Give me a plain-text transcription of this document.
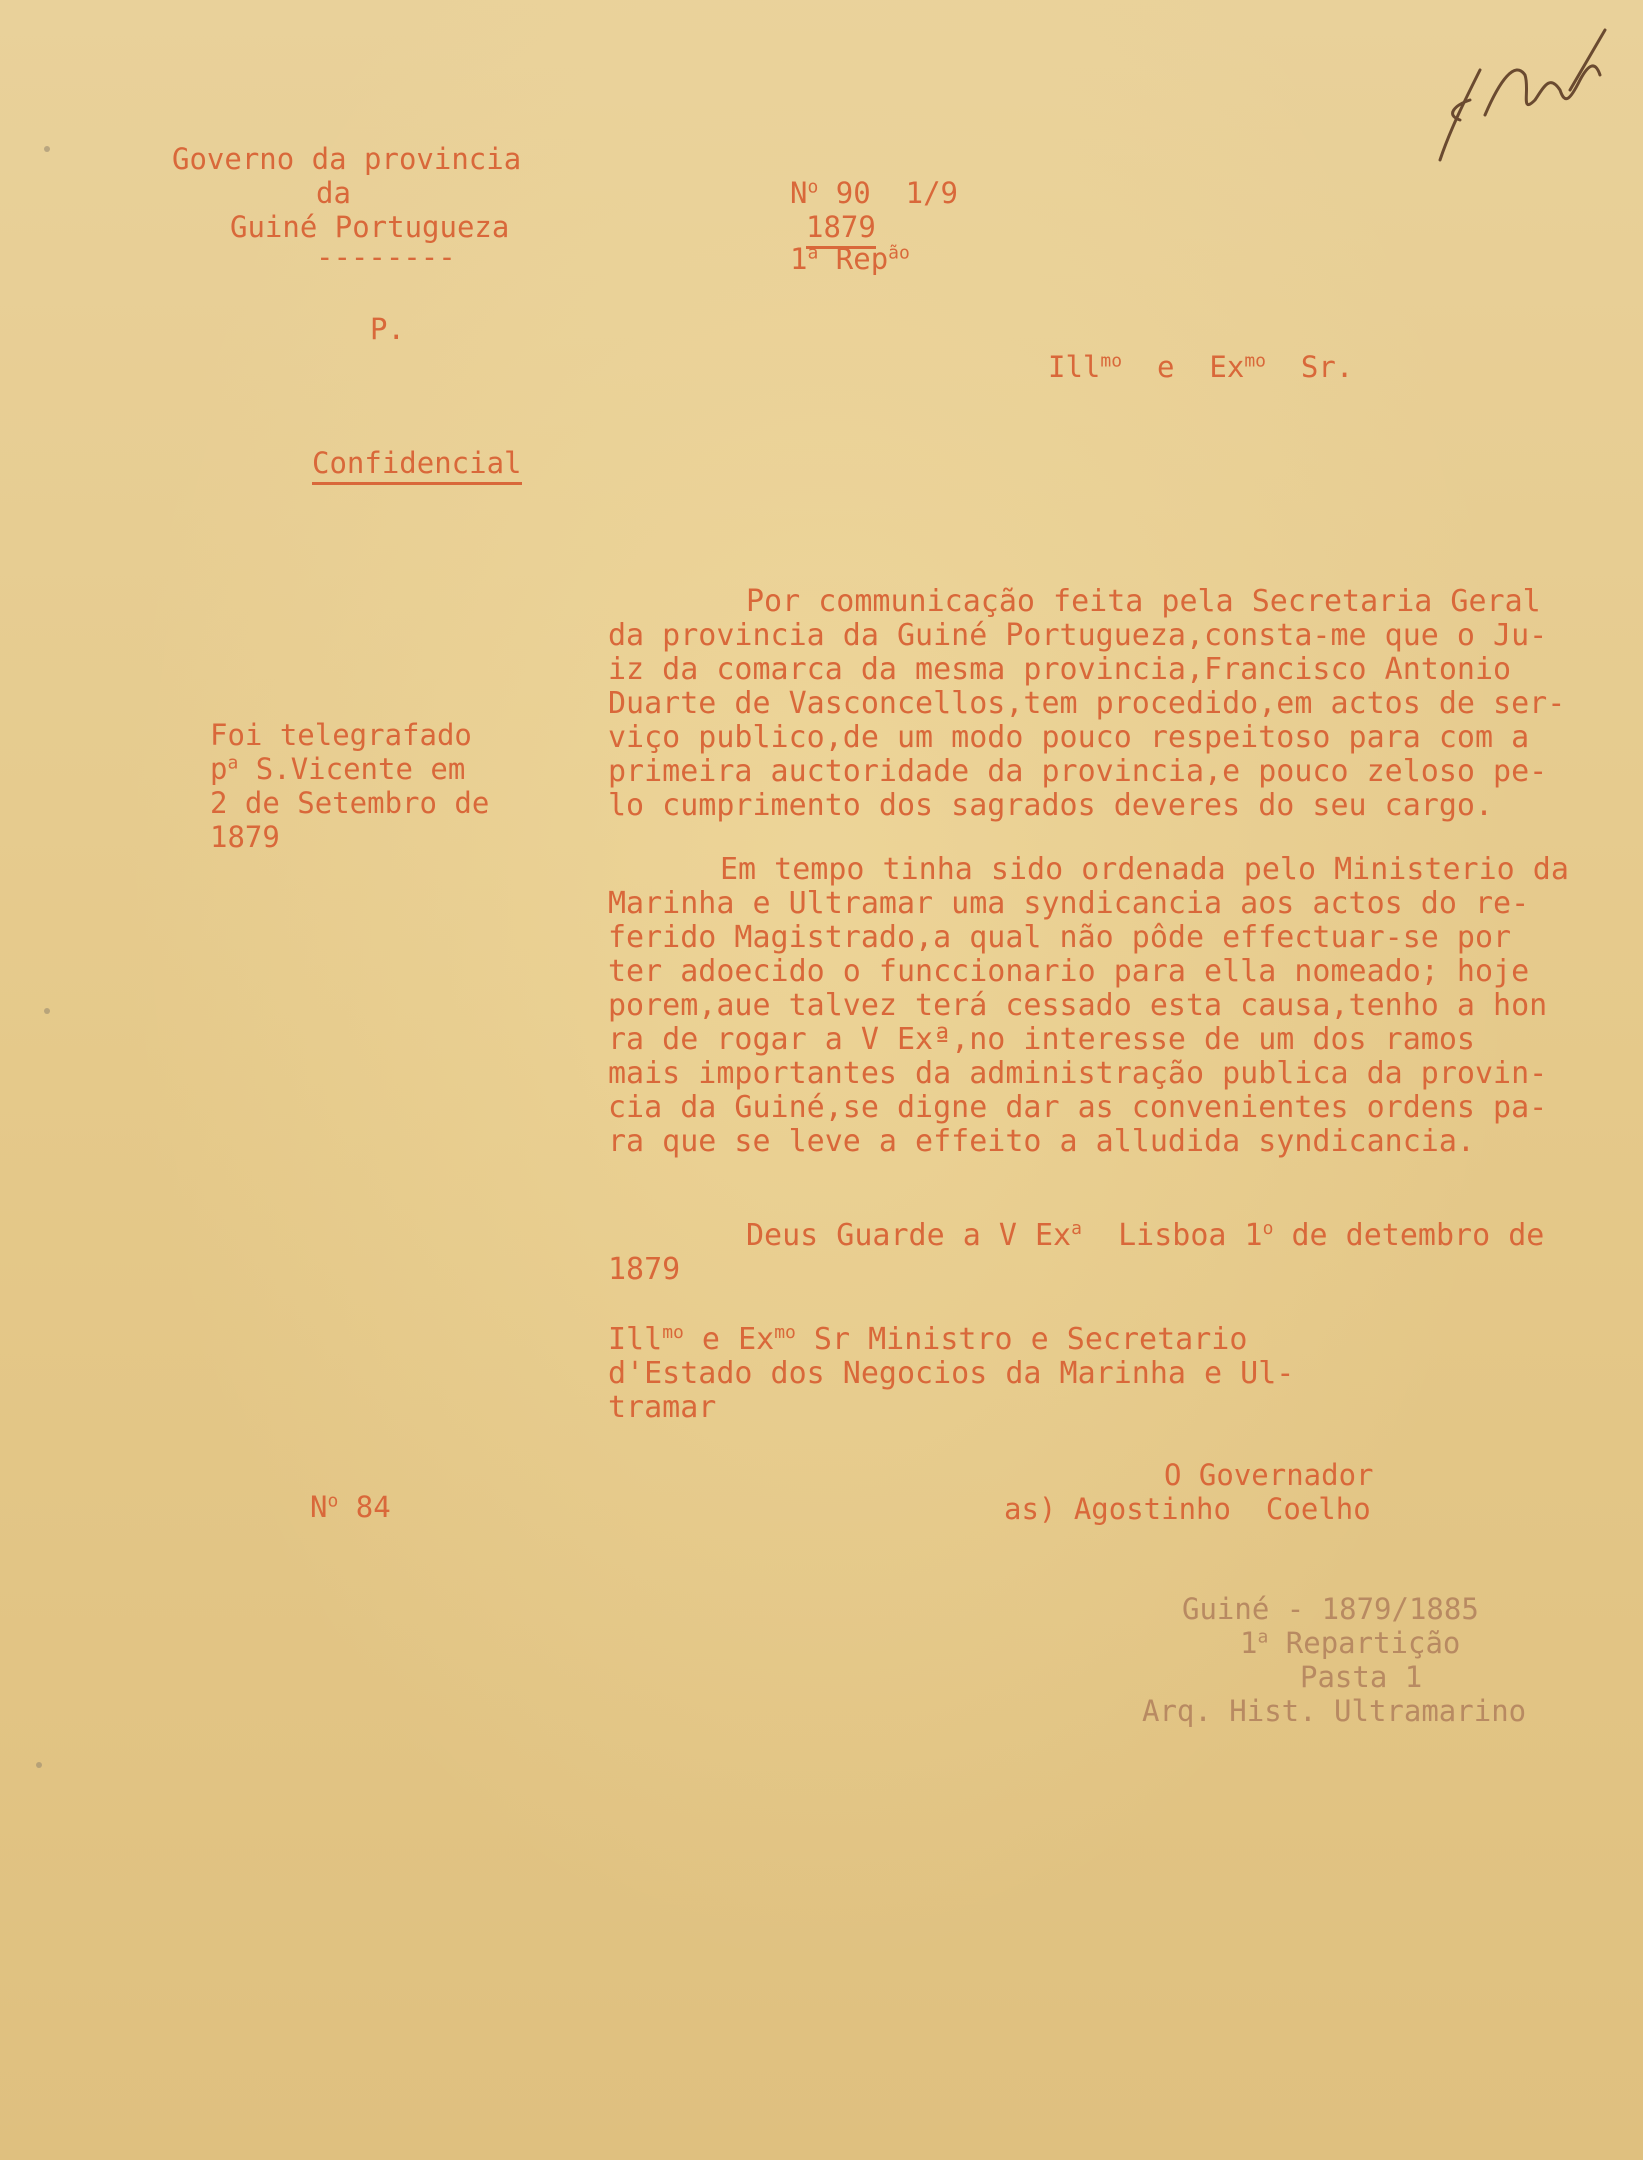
Governo da provincia
da
Guiné Portugueza
--------
$N^o$ 90  1/9
1879
1$^a$ Rep$^{ão}$
P.
Ill$^{mo}$  e  $Ex^{mo}$  Sr.
Confidencial
Foi telegrafado
$p^a$ S.Vicente em
2 de Setembro de
1879
Por communicação feita pela Secretaria Geral
da provincia da Guiné Portugueza,consta-me que o Ju-
iz da comarca da mesma provincia,Francisco Antonio
Duarte de Vasconcellos,tem procedido,em actos de ser-
viço publico,de um modo pouco respeitoso para com a
primeira auctoridade da provincia,e pouco zeloso pe-
lo cumprimento dos sagrados deveres do seu cargo.
Em tempo tinha sido ordenada pelo Ministerio da
Marinha e Ultramar uma syndicancia aos actos do re-
ferido Magistrado,a qual não pôde effectuar-se por
ter adoecido o funccionario para ella nomeado; hoje
porem,aue talvez terá cessado esta causa,tenho a hon
ra de rogar a V Exª,no interesse de um dos ramos
mais importantes da administração publica da provin-
cia da Guiné,se digne dar as convenientes ordens pa-
ra que se leve a effeito a alludida syndicancia.
Deus Guarde a V Ex$^a$  Lisboa 1$^o$ de detembro de
1879
Ill$^{mo}$ e $Ex^{mo}$ Sr Ministro e Secretario
d'Estado dos Negocios da Marinha e Ul-
tramar
O Governador
as) Agostinho  Coelho
$N^o$ 84
Guiné - 1879/1885
1$^a$ Repartição
Pasta 1
Arq. Hist. Ultramarino
